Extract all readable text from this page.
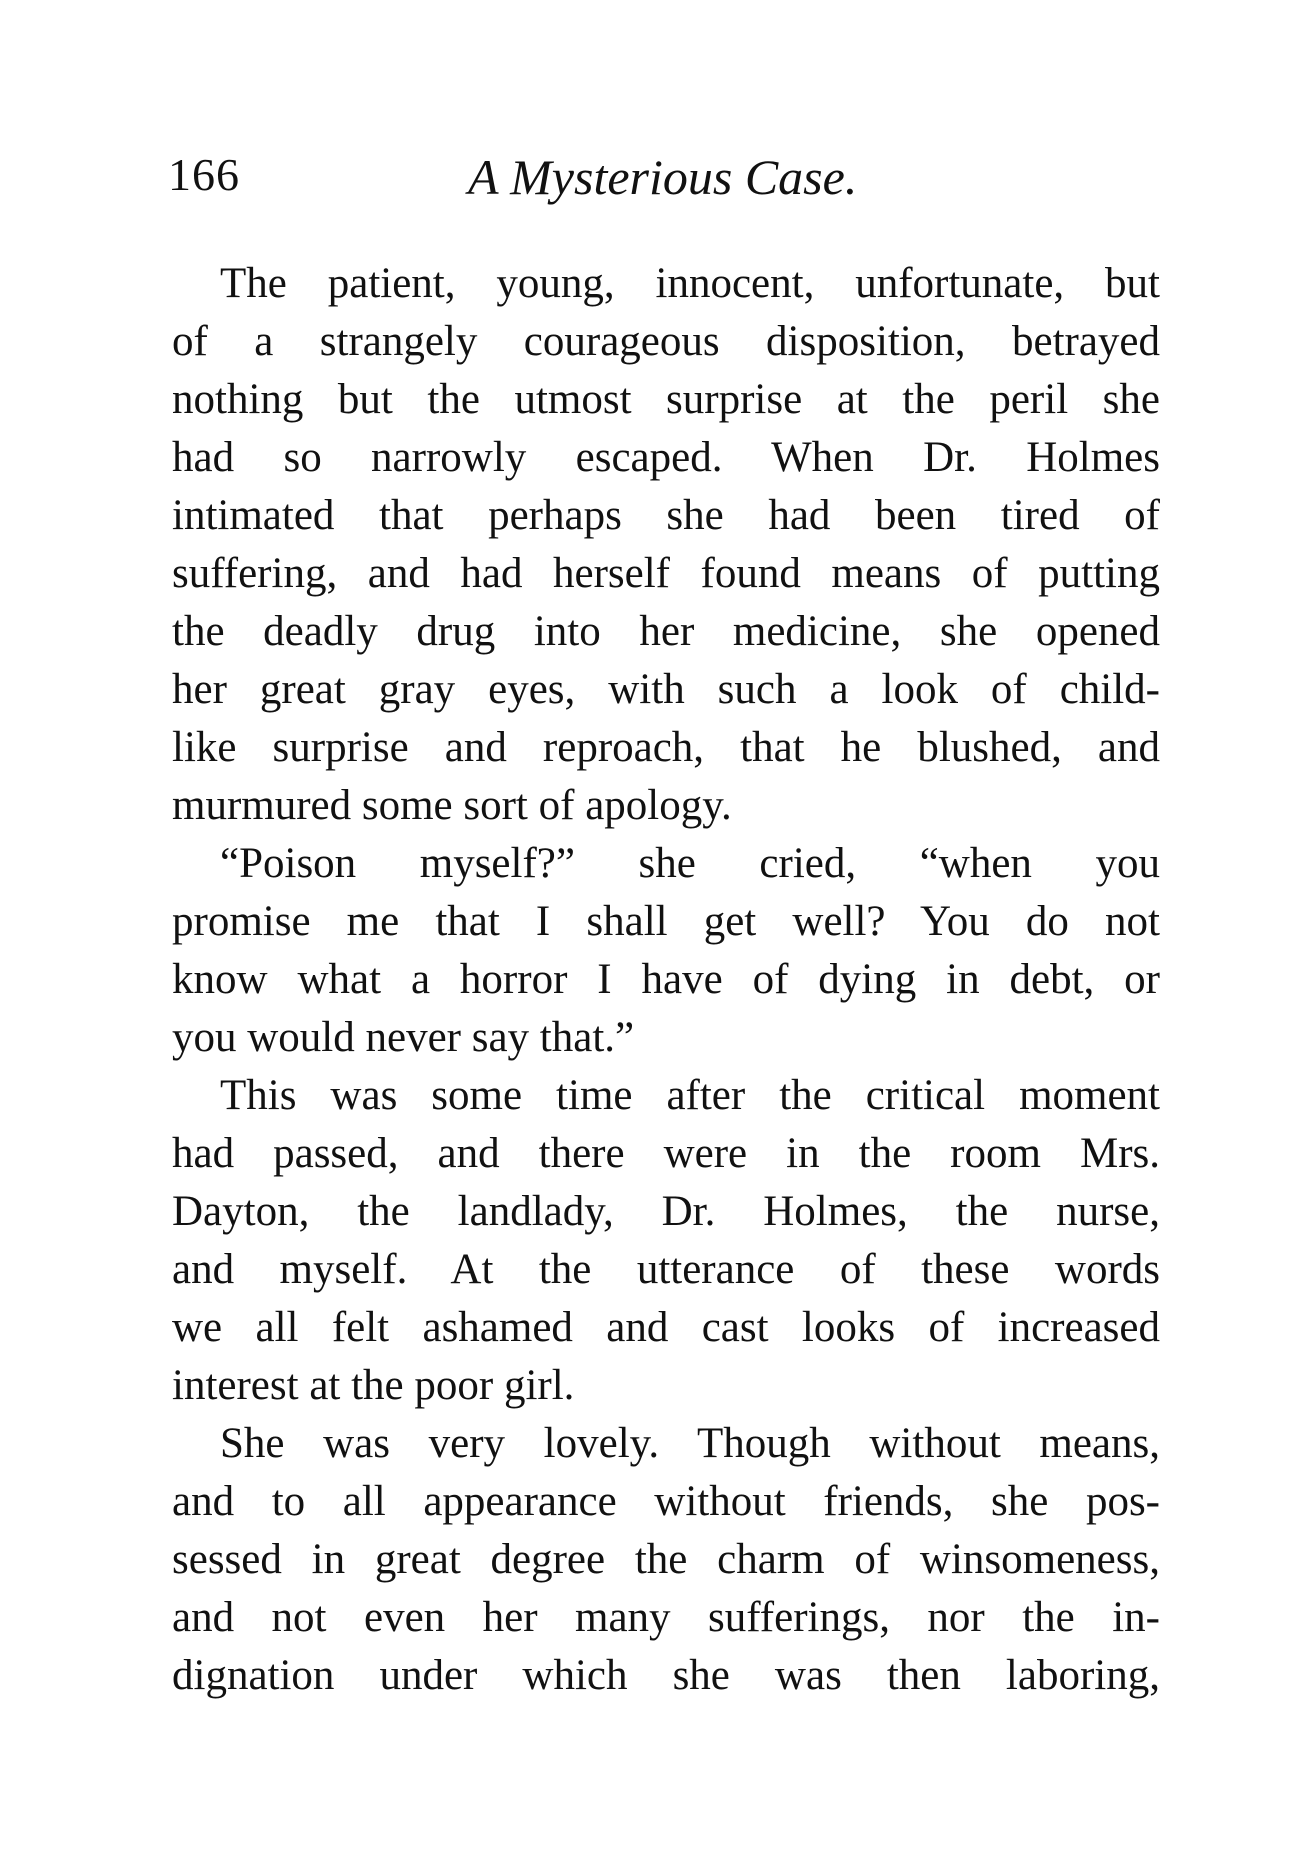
166	A Mysterious Case.
The patient, young, innocent, unfortunate, but
of a strangely courageous disposition, betrayed
nothing but the utmost surprise at the peril she
had so narrowly escaped. When Dr. Holmes
intimated that perhaps she had been tired of
suffering, and had herself found means of putting
the deadly drug into her medicine, she opened
her great gray eyes, with such a look of child-
like surprise and reproach, that he blushed, and
murmured some sort of apology.
“Poison myself?” she cried, “when you
promise me that I shall get well? You do not
know what a horror I have of dying in debt, or
you would never say that.”
This was some time after the critical moment
had passed, and there were in the room Mrs.
Dayton, the landlady, Dr. Holmes, the nurse,
and myself. At the utterance of these words
we all felt ashamed and cast looks of increased
interest at the poor girl.
She was very lovely. Though without means,
and to all appearance without friends, she pos-
sessed in great degree the charm of winsomeness,
and not even her many sufferings, nor the in-
dignation under which she was then laboring,
